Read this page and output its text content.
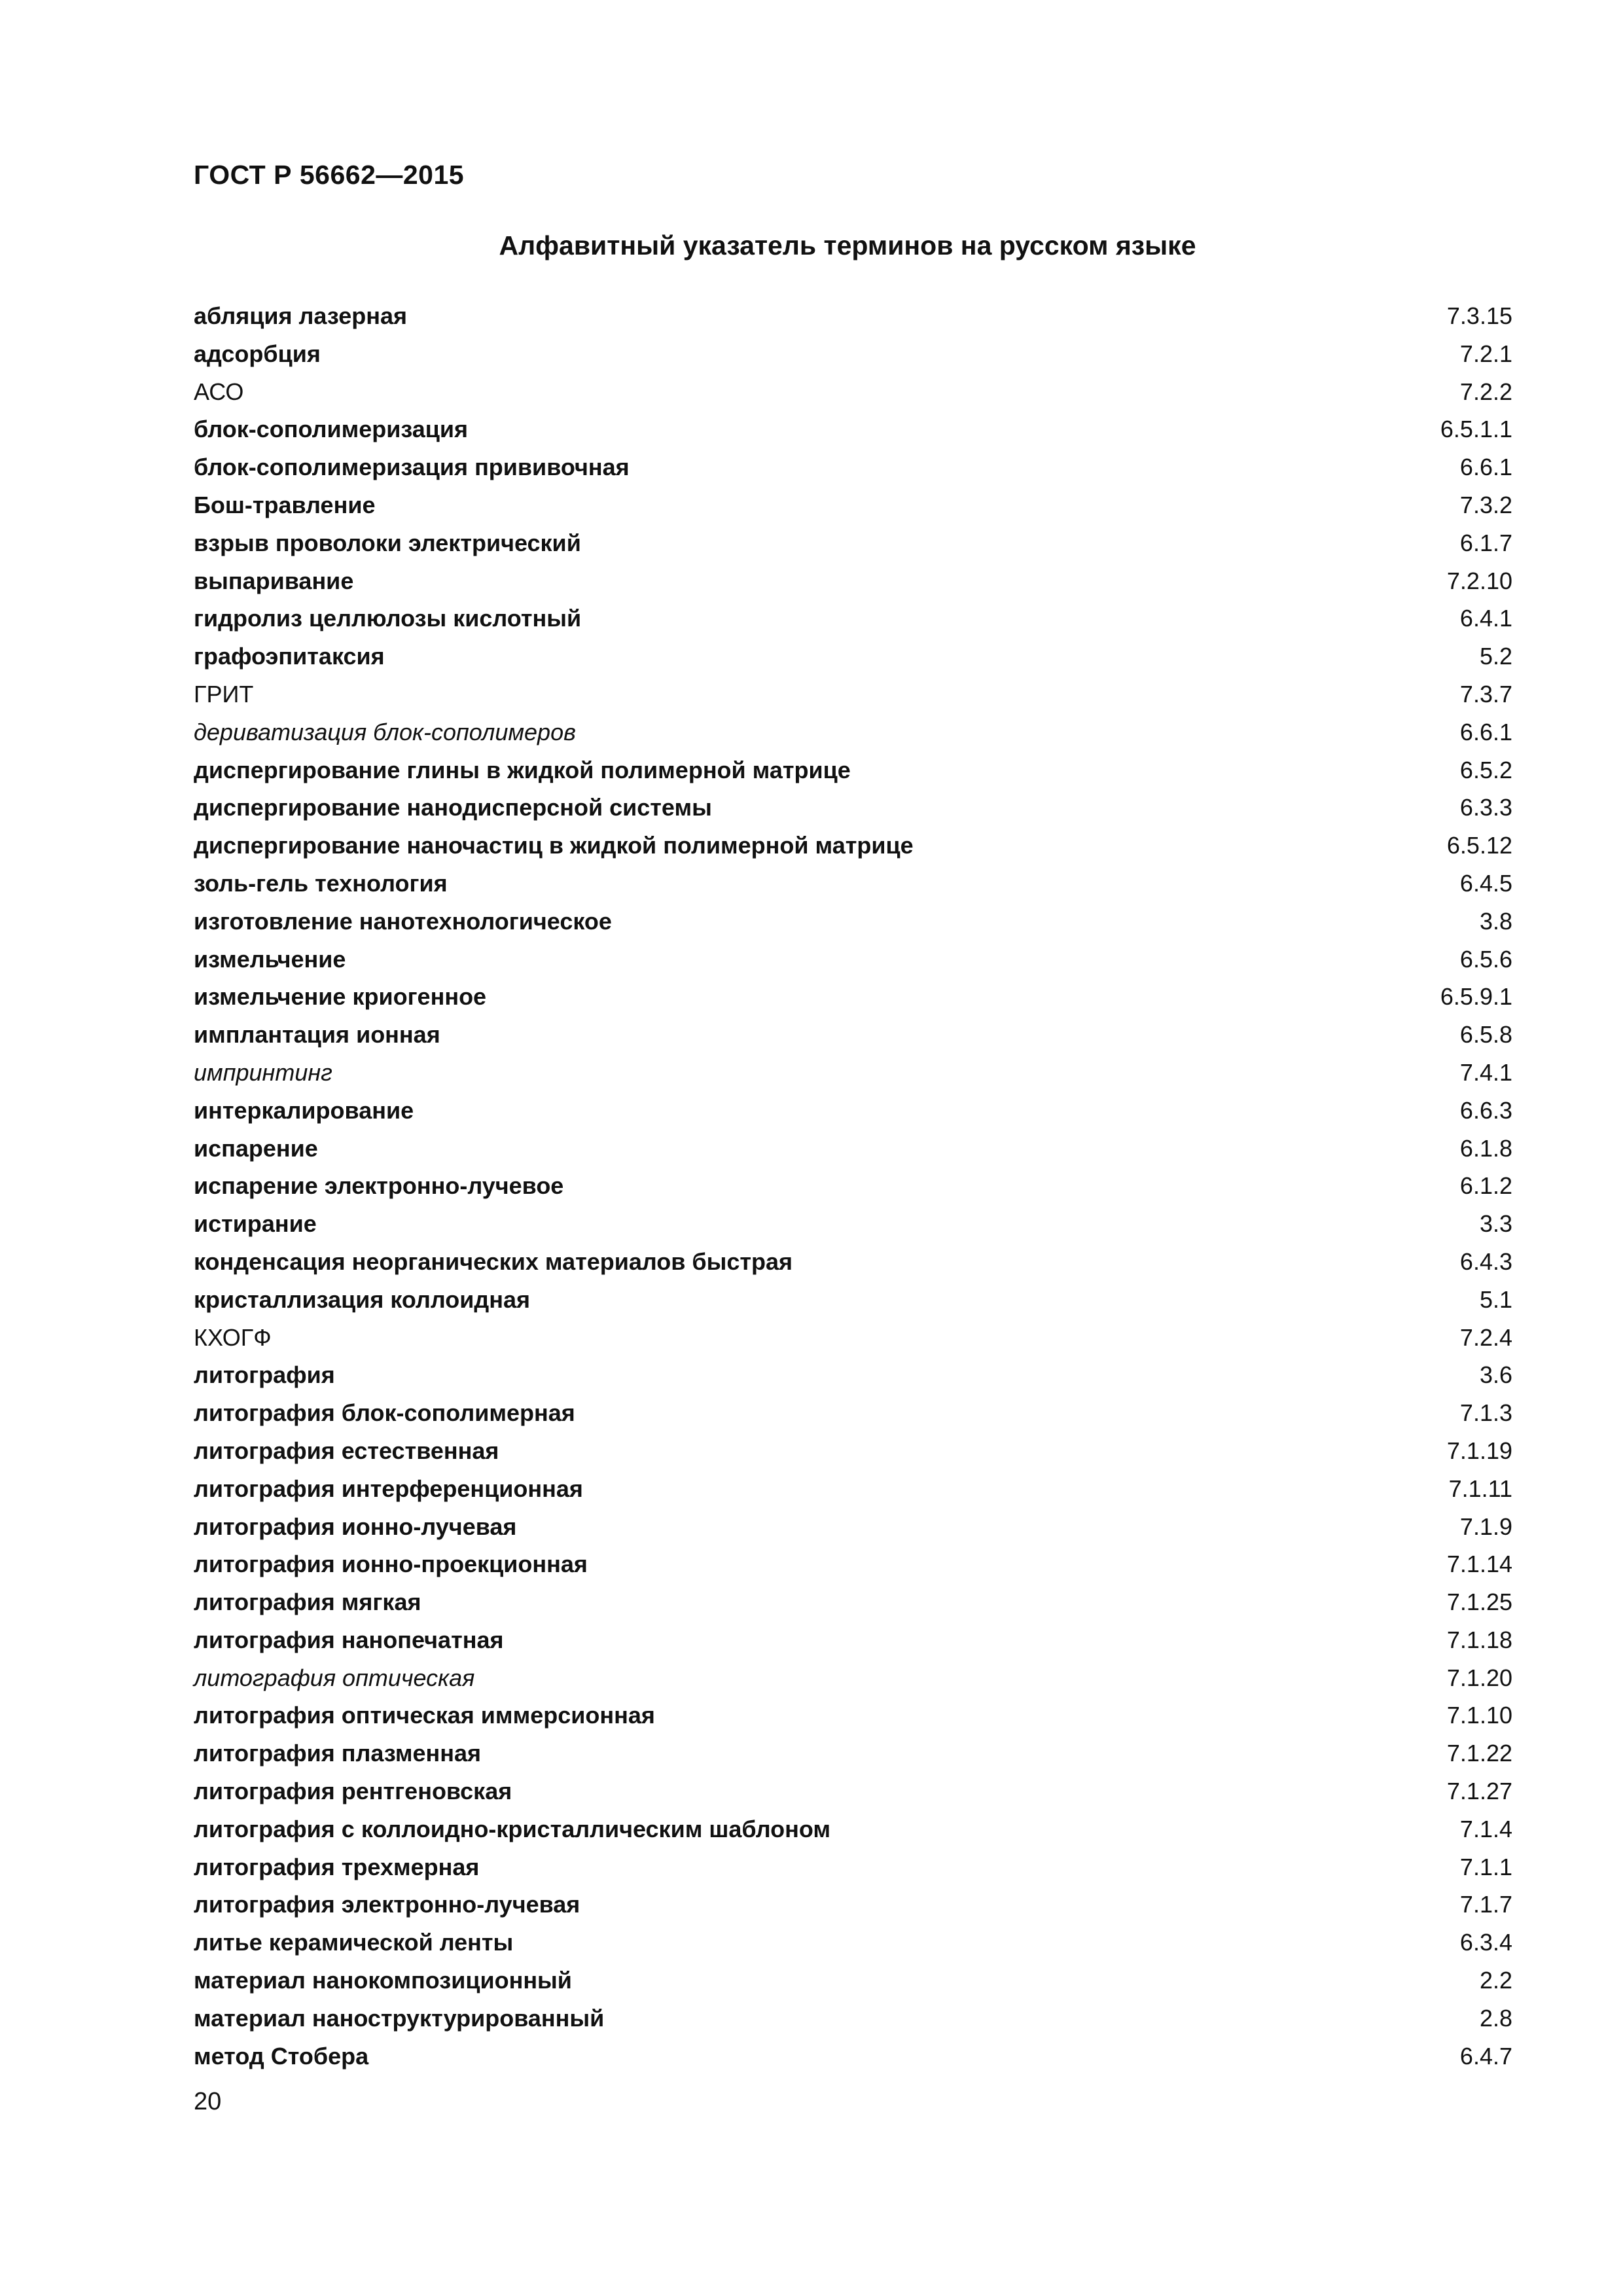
ГОСТ Р 56662—2015
Алфавитный указатель терминов на русском языке
абляция лазерная	7.3.15
адсорбция	7.2.1
АСО	7.2.2
блок-сополимеризация	6.5.1.1
блок-сополимеризация прививочная	6.6.1
Бош-травление	7.3.2
взрыв проволоки электрический	6.1.7
выпаривание	7.2.10
гидролиз целлюлозы кислотный	6.4.1
графоэпитаксия	5.2
ГРИТ	7.3.7
дериватизация блок-сополимеров	6.6.1
диспергирование глины в жидкой полимерной матрице	6.5.2
диспергирование нанодисперсной системы	6.3.3
диспергирование наночастиц в жидкой полимерной матрице	6.5.12
золь-гель технология	6.4.5
изготовление нанотехнологическое	3.8
измельчение	6.5.6
измельчение криогенное	6.5.9.1
имплантация ионная	6.5.8
импринтинг	7.4.1
интеркалирование	6.6.3
испарение	6.1.8
испарение электронно-лучевое	6.1.2
истирание	3.3
конденсация неорганических материалов быстрая	6.4.3
кристаллизация коллоидная	5.1
КХОГФ	7.2.4
литография	3.6
литография блок-сополимерная	7.1.3
литография естественная	7.1.19
литография интерференционная	7.1.11
литография ионно-лучевая	7.1.9
литография ионно-проекционная	7.1.14
литография мягкая	7.1.25
литография нанопечатная	7.1.18
литография оптическая	7.1.20
литография оптическая иммерсионная	7.1.10
литография плазменная	7.1.22
литография рентгеновская	7.1.27
литография с коллоидно-кристаллическим шаблоном	7.1.4
литография трехмерная	7.1.1
литография электронно-лучевая	7.1.7
литье керамической ленты	6.3.4
материал нанокомпозиционный	2.2
материал наноструктурированный	2.8
метод Стобера	6.4.7
20
